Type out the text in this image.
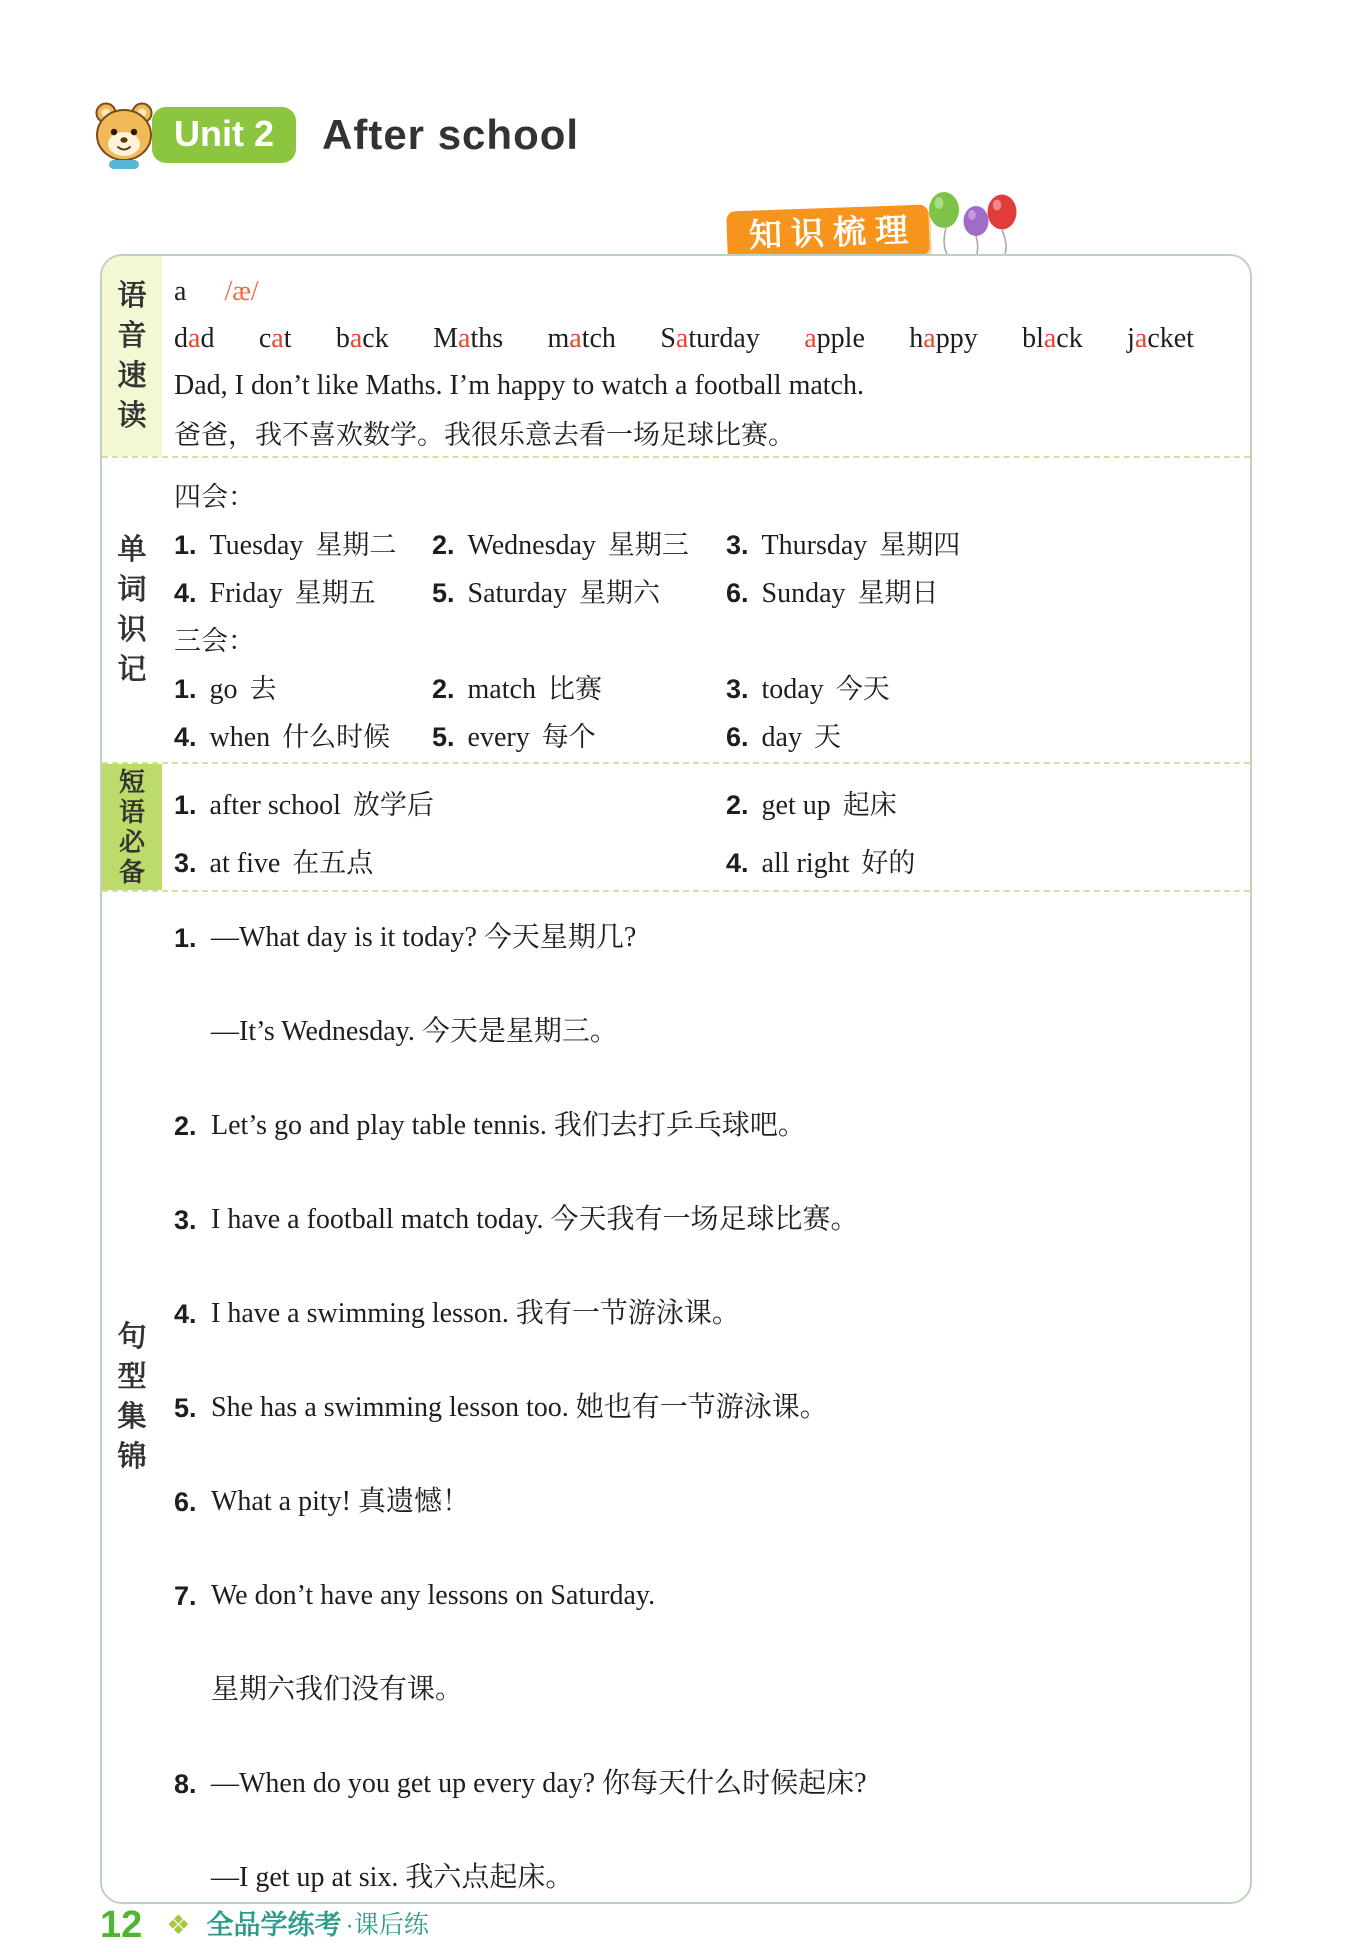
Unit 2	After school
知识梳理
语音速读
a /æ/
dad cat back Maths match Saturday apple happy black jacket
Dad, I don’t like Maths. I’m happy to watch a football match.
爸爸，我不喜欢数学。我很乐意去看一场足球比赛。
单词识记
四会：
1. Tuesday 星期二	2. Wednesday 星期三	3. Thursday 星期四
4. Friday 星期五	5. Saturday 星期六	6. Sunday 星期日
三会：
1. go 去	2. match 比赛	3. today 今天
4. when 什么时候	5. every 每个	6. day 天
短语必备
1. after school 放学后	2. get up 起床
3. at five 在五点	4. all right 好的
句型集锦
1. —What day is it today? 今天星期几?
—It’s Wednesday. 今天是星期三。
2. Let’s go and play table tennis. 我们去打乒乓球吧。
3. I have a football match today. 今天我有一场足球比赛。
4. I have a swimming lesson. 我有一节游泳课。
5. She has a swimming lesson too. 她也有一节游泳课。
6. What a pity! 真遗憾！
7. We don’t have any lessons on Saturday.
星期六我们没有课。
8. —When do you get up every day? 你每天什么时候起床?
—I get up at six. 我六点起床。
12 ❖ 全品学练考 ·课后练
